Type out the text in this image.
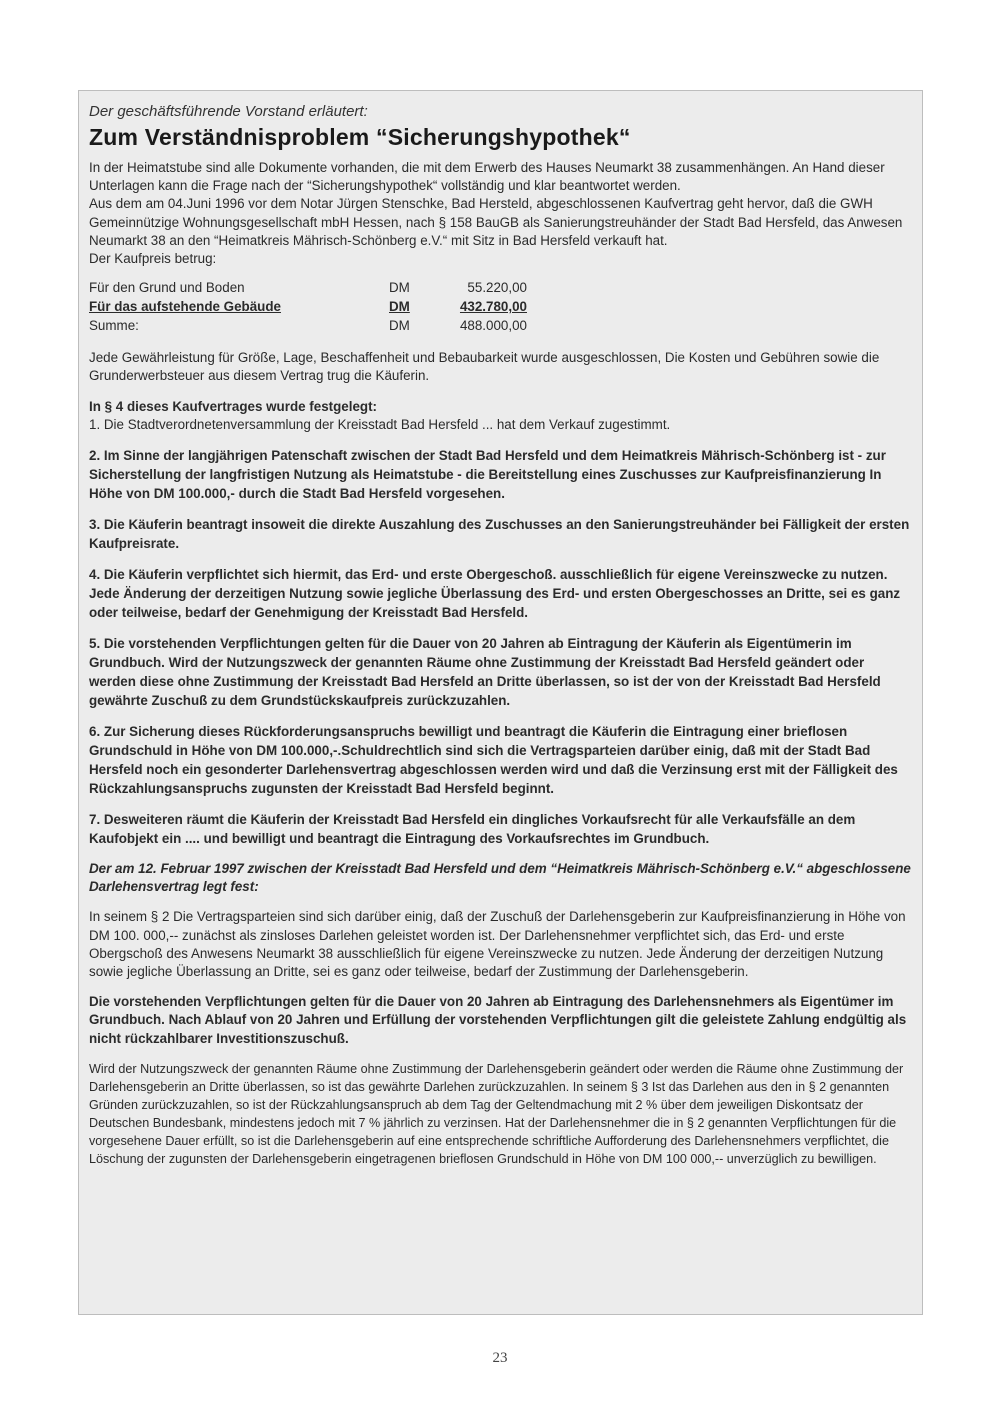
Der geschäftsführende Vorstand erläutert:
Zum Verständnisproblem “Sicherungshypothek“

In der Heimatstube sind alle Dokumente vorhanden, die mit dem Erwerb des Hauses Neumarkt 38 zusammenhängen. An Hand dieser Unterlagen kann die Frage nach der “Sicherungshypothek“ vollständig und klar beantwortet werden.

Aus dem am 04.Juni 1996 vor dem Notar Jürgen Stenschke, Bad Hersteld, abgeschlossenen Kaufvertrag geht hervor, daß die GWH Gemeinnützige Wohnungsgesellschaft mbH Hessen, nach § 158 BauGB als Sanierungstreuhänder der Stadt Bad Hersfeld, das Anwesen Neumarkt 38 an den “Heimatkreis Mährisch-Schönberg e.V.“ mit Sitz in Bad Hersfeld verkauft hat.

Der Kaufpreis betrug:

Für den Grund und Boden	DM	55.220,00
Für das aufstehende Gebäude	DM	432.780,00
Summe:	DM	488.000,00

Jede Gewährleistung für Größe, Lage, Beschaffenheit und Bebaubarkeit wurde ausgeschlossen, Die Kosten und Gebühren sowie die Grunderwerbsteuer aus diesem Vertrag trug die Käuferin.

In § 4 dieses Kaufvertrages wurde festgelegt:

1. Die Stadtverordnetenversammlung der Kreisstadt Bad Hersfeld ... hat dem Verkauf zugestimmt.

2. Im Sinne der langjährigen Patenschaft zwischen der Stadt Bad Hersfeld und dem Heimatkreis Mährisch-Schönberg ist - zur Sicherstellung der langfristigen Nutzung als Heimatstube - die Bereitstellung eines Zuschusses zur Kaufpreisfinanzierung In Höhe von DM 100.000,- durch die Stadt Bad Hersfeld vorgesehen.

3. Die Käuferin beantragt insoweit die direkte Auszahlung des Zuschusses an den Sanierungstreuhänder bei Fälligkeit der ersten Kaufpreisrate.

4. Die Käuferin verpflichtet sich hiermit, das Erd- und erste Obergeschoß. ausschließlich für eigene Vereinszwecke zu nutzen. Jede Änderung der derzeitigen Nutzung sowie jegliche Überlassung des Erd- und ersten Obergeschosses an Dritte, sei es ganz oder teilweise, bedarf der Genehmigung der Kreisstadt Bad Hersfeld.

5. Die vorstehenden Verpflichtungen gelten für die Dauer von 20 Jahren ab Eintragung der Käuferin als Eigentümerin im Grundbuch. Wird der Nutzungszweck der genannten Räume ohne Zustimmung der Kreisstadt Bad Hersfeld geändert oder werden diese ohne Zustimmung der Kreisstadt Bad Hersfeld an Dritte überlassen, so ist der von der Kreisstadt Bad Hersfeld gewährte Zuschuß zu dem Grundstückskaufpreis zurückzuzahlen.

6. Zur Sicherung dieses Rückforderungsanspruchs bewilligt und beantragt die Käuferin die Eintragung einer brieflosen Grundschuld in Höhe von DM 100.000,-.Schuldrechtlich sind sich die Vertragsparteien darüber einig, daß mit der Stadt Bad Hersfeld noch ein gesonderter Darlehensvertrag abgeschlossen werden wird und daß die Verzinsung erst mit der Fälligkeit des Rückzahlungsanspruchs zugunsten der Kreisstadt Bad Hersfeld beginnt.

7. Desweiteren räumt die Käuferin der Kreisstadt Bad Hersfeld ein dingliches Vorkaufsrecht für alle Verkaufsfälle an dem Kaufobjekt ein .... und bewilligt und beantragt die Eintragung des Vorkaufsrechtes im Grundbuch.

Der am 12. Februar 1997 zwischen der Kreisstadt Bad Hersfeld und dem “Heimatkreis Mährisch-Schönberg e.V.“ abgeschlossene Darlehensvertrag legt fest:

In seinem § 2 Die Vertragsparteien sind sich darüber einig, daß der Zuschuß der Darlehensgeberin zur Kaufpreisfinanzierung in Höhe von DM 100. 000,-- zunächst als zinsloses Darlehen geleistet worden ist. Der Darlehensnehmer verpflichtet sich, das Erd- und erste Obergschoß des Anwesens Neumarkt 38 ausschließlich für eigene Vereinszwecke zu nutzen. Jede Änderung der derzeitigen Nutzung sowie jegliche Überlassung an Dritte, sei es ganz oder teilweise, bedarf der Zustimmung der Darlehensgeberin.

Die vorstehenden Verpflichtungen gelten für die Dauer von 20 Jahren ab Eintragung des Darlehensnehmers als Eigentümer im Grundbuch. Nach Ablauf von 20 Jahren und Erfüllung der vorstehenden Verpflichtungen gilt die geleistete Zahlung endgültig als nicht rückzahlbarer Investitionszuschuß.

Wird der Nutzungszweck der genannten Räume ohne Zustimmung der Darlehensgeberin geändert oder werden die Räume ohne Zustimmung der Darlehensgeberin an Dritte überlassen, so ist das gewährte Darlehen zurückzuzahlen. In seinem § 3 Ist das Darlehen aus den in § 2 genannten Gründen zurückzuzahlen, so ist der Rückzahlungsanspruch ab dem Tag der Geltendmachung mit 2 % über dem jeweiligen Diskontsatz der Deutschen Bundesbank, mindestens jedoch mit 7 % jährlich zu verzinsen. Hat der Darlehensnehmer die in § 2 genannten Verpflichtungen für die vorgesehene Dauer erfüllt, so ist die Darlehensgeberin auf eine entsprechende schriftliche Aufforderung des Darlehensnehmers verpflichtet, die Löschung der zugunsten der Darlehensgeberin eingetragenen brieflosen Grundschuld in Höhe von DM 100 000,-- unverzüglich zu bewilligen.

23
